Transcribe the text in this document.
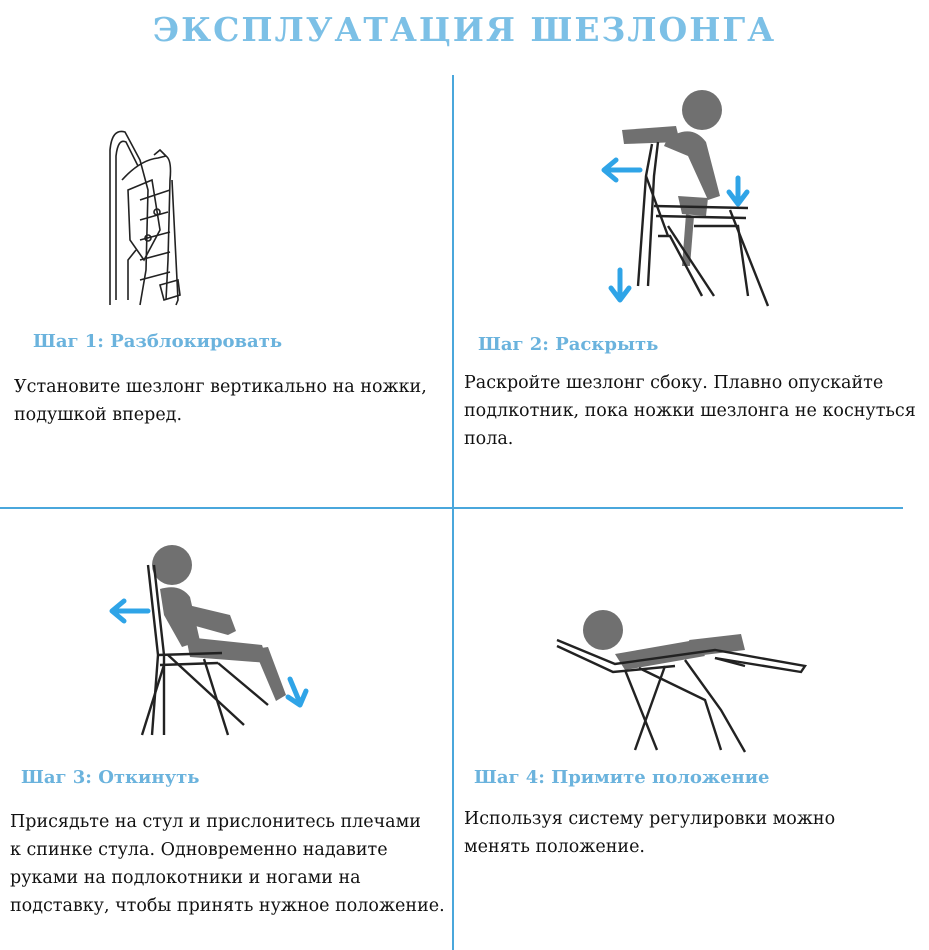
ЭКСПЛУАТАЦИЯ ШЕЗЛОНГА
Шаг 1: Разблокировать
Установите шезлонг вертикально на ножки,
подушкой вперед.
Шаг 2: Раскрыть
Раскройте шезлонг сбоку. Плавно опускайте
подлкотник, пока ножки шезлонга не коснуться
пола.
Шаг 3: Откинуть
Присядьте на стул и прислонитесь плечами
к спинке стула. Одновременно надавите
руками на подлокотники и ногами на
подставку, чтобы принять нужное положение.
Шаг 4: Примите положение
Используя систему регулировки можно
менять положение.
